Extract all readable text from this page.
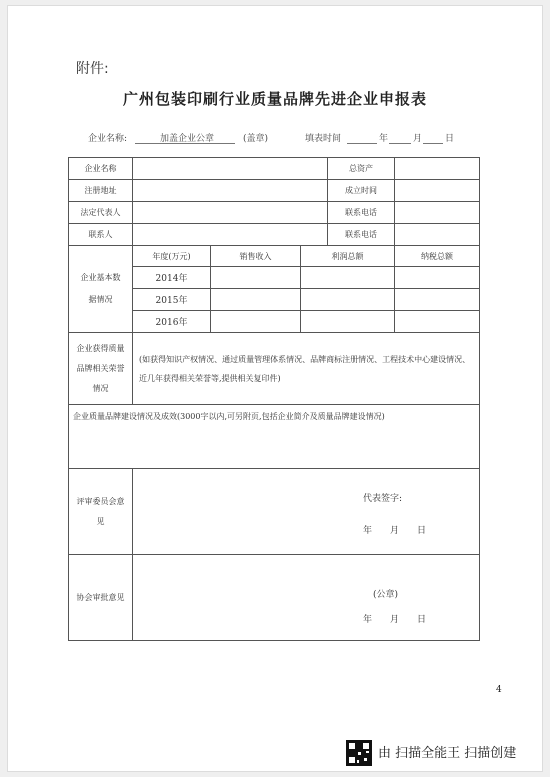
附件:
广州包装印刷行业质量品牌先进企业申报表
企业名称:	加盖企业公章	(盖章)	填表时间	年	月	日
企业名称				总资产	
注册地址				成立时间	
法定代表人				联系电话	
联系人				联系电话	
企业基本数据情况	年度(万元)	销售收入	利润总额		纳税总额
	2014年				
	2015年				
	2016年				
企业获得质量品牌相关荣誉情况	(如获得知识产权情况、通过质量管理体系情况、品牌商标注册情况、工程技术中心建设情况、近几年获得相关荣誉等,提供相关复印件)				
企业质量品牌建设情况及成效(3000字以内,可另附页,包括企业简介及质量品牌建设情况)					
评审委员会意见	代表签字:
年　　月　　日				

协会审批意见	(公章)
年　　月　　日				
4
由 扫描全能王 扫描创建
